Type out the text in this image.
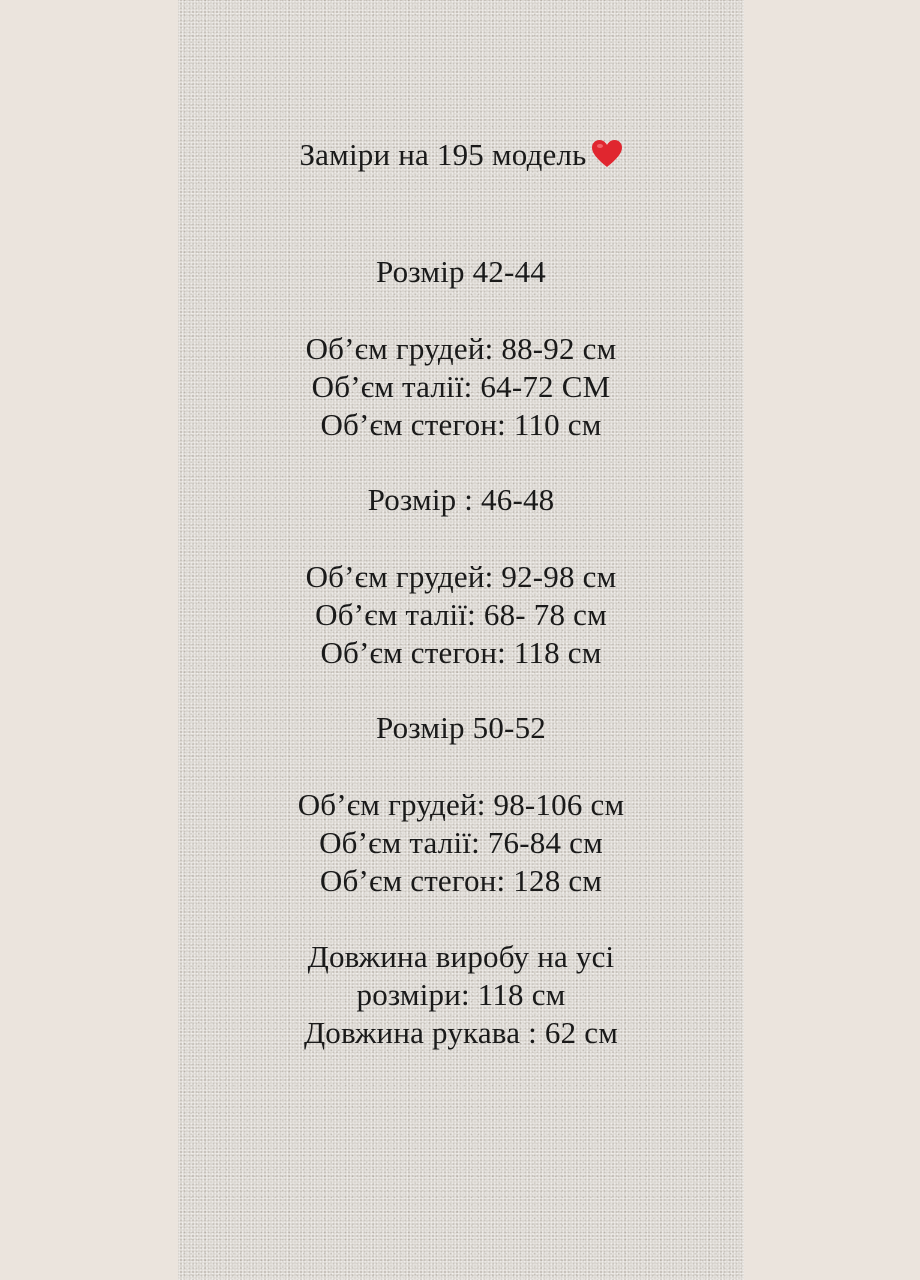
Заміри на 195 модель
Розмір 42-44
Об’єм грудей: 88-92 см
Об’єм талії: 64-72 СМ
Об’єм стегон: 110 см
Розмір : 46-48
Об’єм грудей: 92-98 см
Об’єм талії: 68- 78 см
Об’єм стегон: 118 см
Розмір 50-52
Об’єм грудей: 98-106 см
Об’єм талії: 76-84 см
Об’єм стегон: 128 см
Довжина виробу на усі
розміри: 118 см
Довжина рукава : 62 см
